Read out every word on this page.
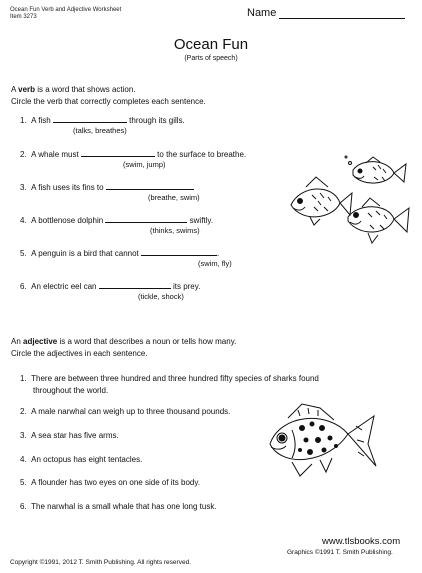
Ocean Fun Verb and Adjective Worksheet
Item 3273	Name
Ocean Fun
(Parts of speech)
A verb is a word that shows action.
Circle the verb that correctly completes each sentence.
1. A fish	through its gills.
(talks, breathes)
2. A whale must	to the surface to breathe.
(swim, jump)
3. A fish uses its fins to
(breathe, swim)
4. A bottlenose dolphin	swiftly.
(thinks, swims)
5. A penguin is a bird that cannot	.
(swim, fly)
6. An electric eel can	its prey.
(tickle, shock)
An adjective is a word that describes a noun or tells how many.
Circle the adjectives in each sentence.
1. There are between three hundred and three hundred fifty species of sharks found
throughout the world.
2. A male narwhal can weigh up to three thousand pounds.
3. A sea star has five arms.
4. An octopus has eight tentacles.
5. A flounder has two eyes on one side of its body.
6. The narwhal is a small whale that has one long tusk.
www.tlsbooks.com
Graphics ©1991 T. Smith Publishing.
Copyright ©1991, 2012 T. Smith Publishing. All rights reserved.
